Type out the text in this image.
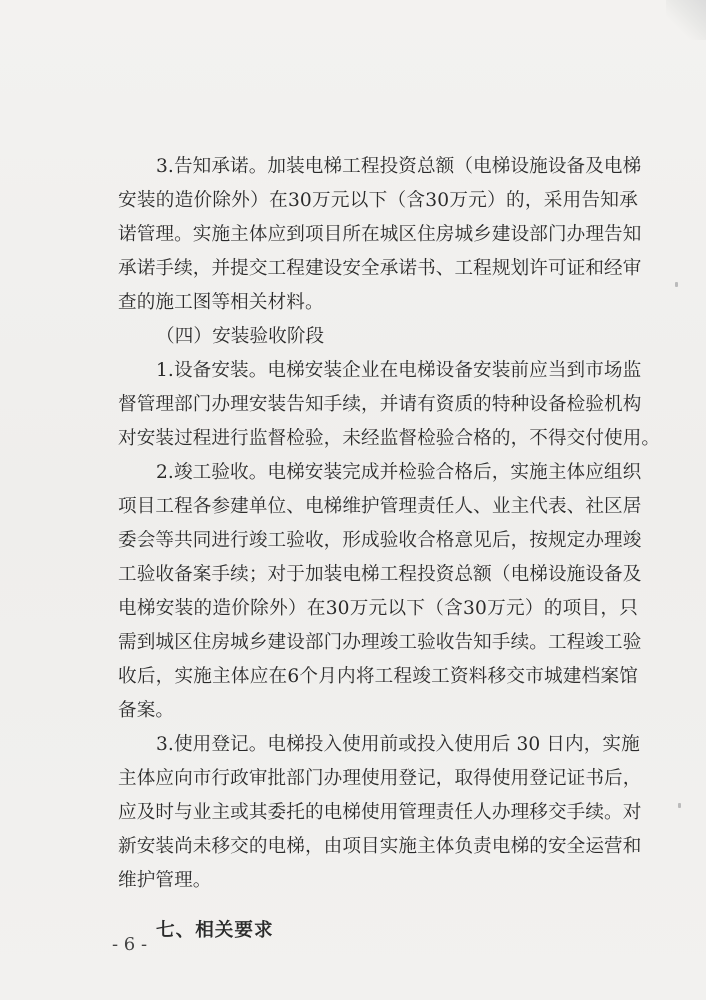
3.告知承诺。加装电梯工程投资总额（电梯设施设备及电梯
安装的造价除外）在30万元以下（含30万元）的，采用告知承
诺管理。实施主体应到项目所在城区住房城乡建设部门办理告知
承诺手续，并提交工程建设安全承诺书、工程规划许可证和经审
查的施工图等相关材料。
（四）安装验收阶段
1.设备安装。电梯安装企业在电梯设备安装前应当到市场监
督管理部门办理安装告知手续，并请有资质的特种设备检验机构
对安装过程进行监督检验，未经监督检验合格的，不得交付使用。
2.竣工验收。电梯安装完成并检验合格后，实施主体应组织
项目工程各参建单位、电梯维护管理责任人、业主代表、社区居
委会等共同进行竣工验收，形成验收合格意见后，按规定办理竣
工验收备案手续；对于加装电梯工程投资总额（电梯设施设备及
电梯安装的造价除外）在30万元以下（含30万元）的项目，只
需到城区住房城乡建设部门办理竣工验收告知手续。工程竣工验
收后，实施主体应在6个月内将工程竣工资料移交市城建档案馆
备案。
3.使用登记。电梯投入使用前或投入使用后 30 日内，实施
主体应向市行政审批部门办理使用登记，取得使用登记证书后，
应及时与业主或其委托的电梯使用管理责任人办理移交手续。对
新安装尚未移交的电梯，由项目实施主体负责电梯的安全运营和
维护管理。
七、相关要求
- 6 -
